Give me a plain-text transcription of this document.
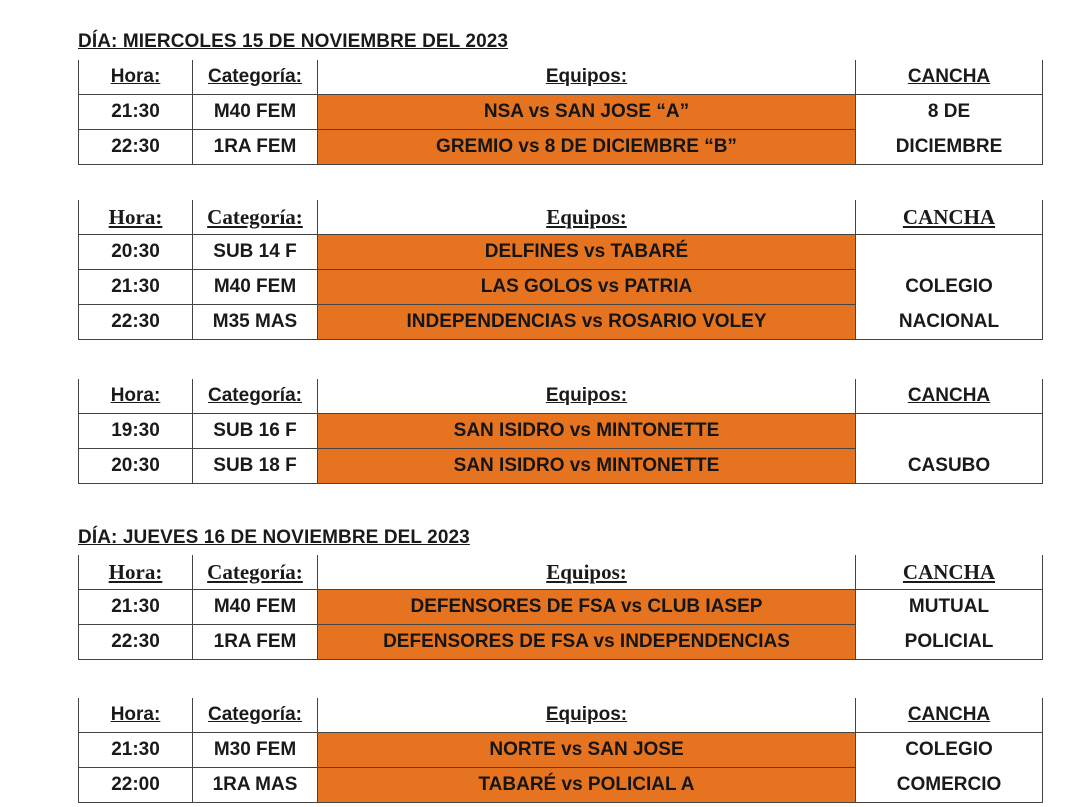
DÍA: MIERCOLES 15 DE NOVIEMBRE DEL 2023
Hora:	Categoría:	Equipos:	CANCHA
21:30	M40 FEM	NSA vs SAN JOSE “A”	8 DE
22:30	1RA FEM	GREMIO vs 8 DE DICIEMBRE “B”	DICIEMBRE
Hora:	Categoría:	Equipos:	CANCHA
20:30	SUB 14 F	DELFINES vs TABARÉ	
21:30	M40 FEM	LAS GOLOS vs PATRIA	COLEGIO
22:30	M35 MAS	INDEPENDENCIAS vs ROSARIO VOLEY	NACIONAL
Hora:	Categoría:	Equipos:	CANCHA
19:30	SUB 16 F	SAN ISIDRO vs MINTONETTE	
20:30	SUB 18 F	SAN ISIDRO vs MINTONETTE	CASUBO
DÍA: JUEVES 16 DE NOVIEMBRE DEL 2023
Hora:	Categoría:	Equipos:	CANCHA
21:30	M40 FEM	DEFENSORES DE FSA vs CLUB IASEP	MUTUAL
22:30	1RA FEM	DEFENSORES DE FSA vs INDEPENDENCIAS	POLICIAL
Hora:	Categoría:	Equipos:	CANCHA
21:30	M30 FEM	NORTE vs SAN JOSE	COLEGIO
22:00	1RA MAS	TABARÉ vs POLICIAL A	COMERCIO
